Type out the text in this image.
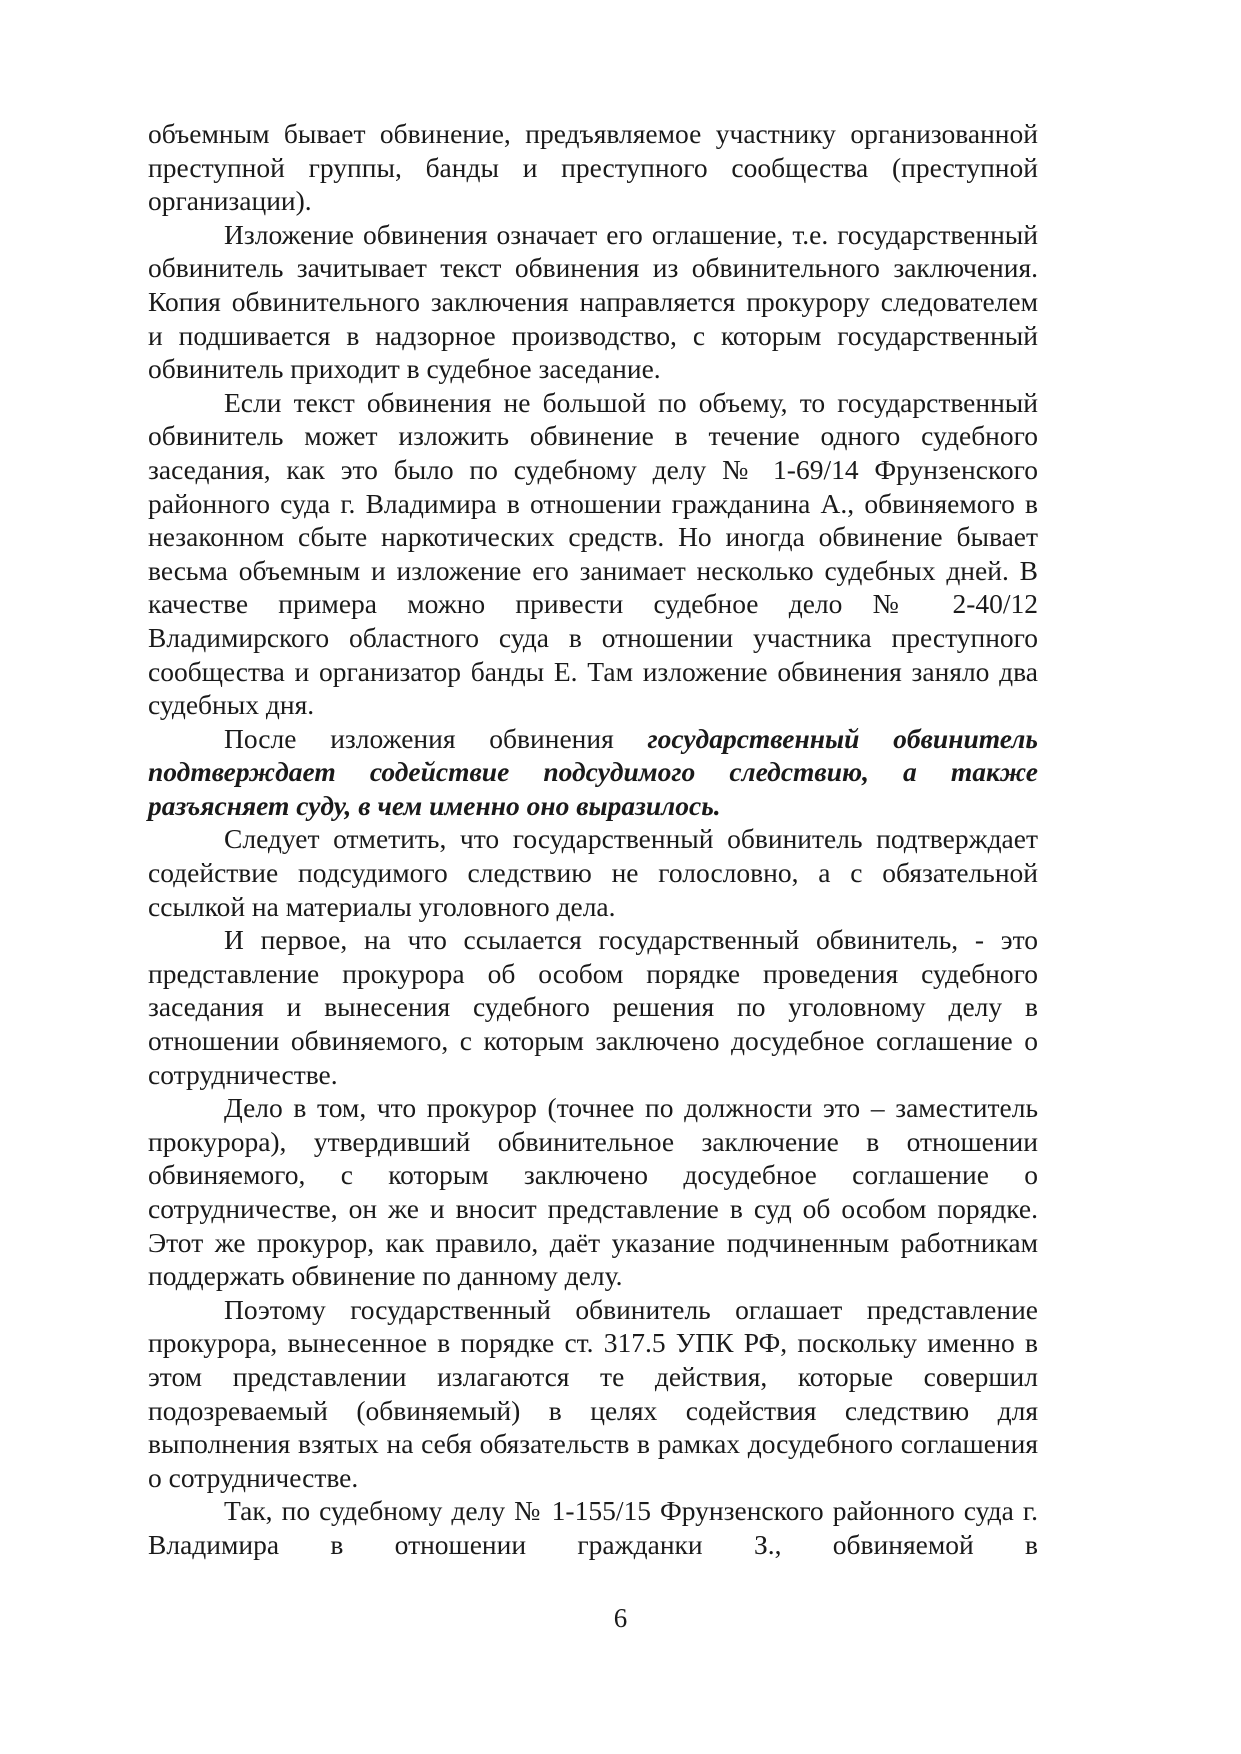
объемным бывает обвинение, предъявляемое участнику организованной преступной группы, банды и преступного сообщества (преступной организации).

Изложение обвинения означает его оглашение, т.е. государственный обвинитель зачитывает текст обвинения из обвинительного заключения. Копия обвинительного заключения направляется прокурору следователем и подшивается в надзорное производство, с которым государственный обвинитель приходит в судебное заседание.

Если текст обвинения не большой по объему, то государственный обвинитель может изложить обвинение в течение одного судебного заседания, как это было по судебному делу № 1-69/14 Фрунзенского районного суда г. Владимира в отношении гражданина А., обвиняемого в незаконном сбыте наркотических средств. Но иногда обвинение бывает весьма объемным и изложение его занимает несколько судебных дней. В качестве примера можно привести судебное дело № 2-40/12 Владимирского областного суда в отношении участника преступного сообщества и организатор банды Е. Там изложение обвинения заняло два судебных дня.

После изложения обвинения государственный обвинитель подтверждает содействие подсудимого следствию, а также разъясняет суду, в чем именно оно выразилось.

Следует отметить, что государственный обвинитель подтверждает содействие подсудимого следствию не голословно, а с обязательной ссылкой на материалы уголовного дела.

И первое, на что ссылается государственный обвинитель, - это представление прокурора об особом порядке проведения судебного заседания и вынесения судебного решения по уголовному делу в отношении обвиняемого, с которым заключено досудебное соглашение о сотрудничестве.

Дело в том, что прокурор (точнее по должности это – заместитель прокурора), утвердивший обвинительное заключение в отношении обвиняемого, с которым заключено досудебное соглашение о сотрудничестве, он же и вносит представление в суд об особом порядке. Этот же прокурор, как правило, даёт указание подчиненным работникам поддержать обвинение по данному делу.

Поэтому государственный обвинитель оглашает представление прокурора, вынесенное в порядке ст. 317.5 УПК РФ, поскольку именно в этом представлении излагаются те действия, которые совершил подозреваемый (обвиняемый) в целях содействия следствию для выполнения взятых на себя обязательств в рамках досудебного соглашения о сотрудничестве.

Так, по судебному делу № 1-155/15 Фрунзенского районного суда г. Владимира в отношении гражданки З., обвиняемой в

6
